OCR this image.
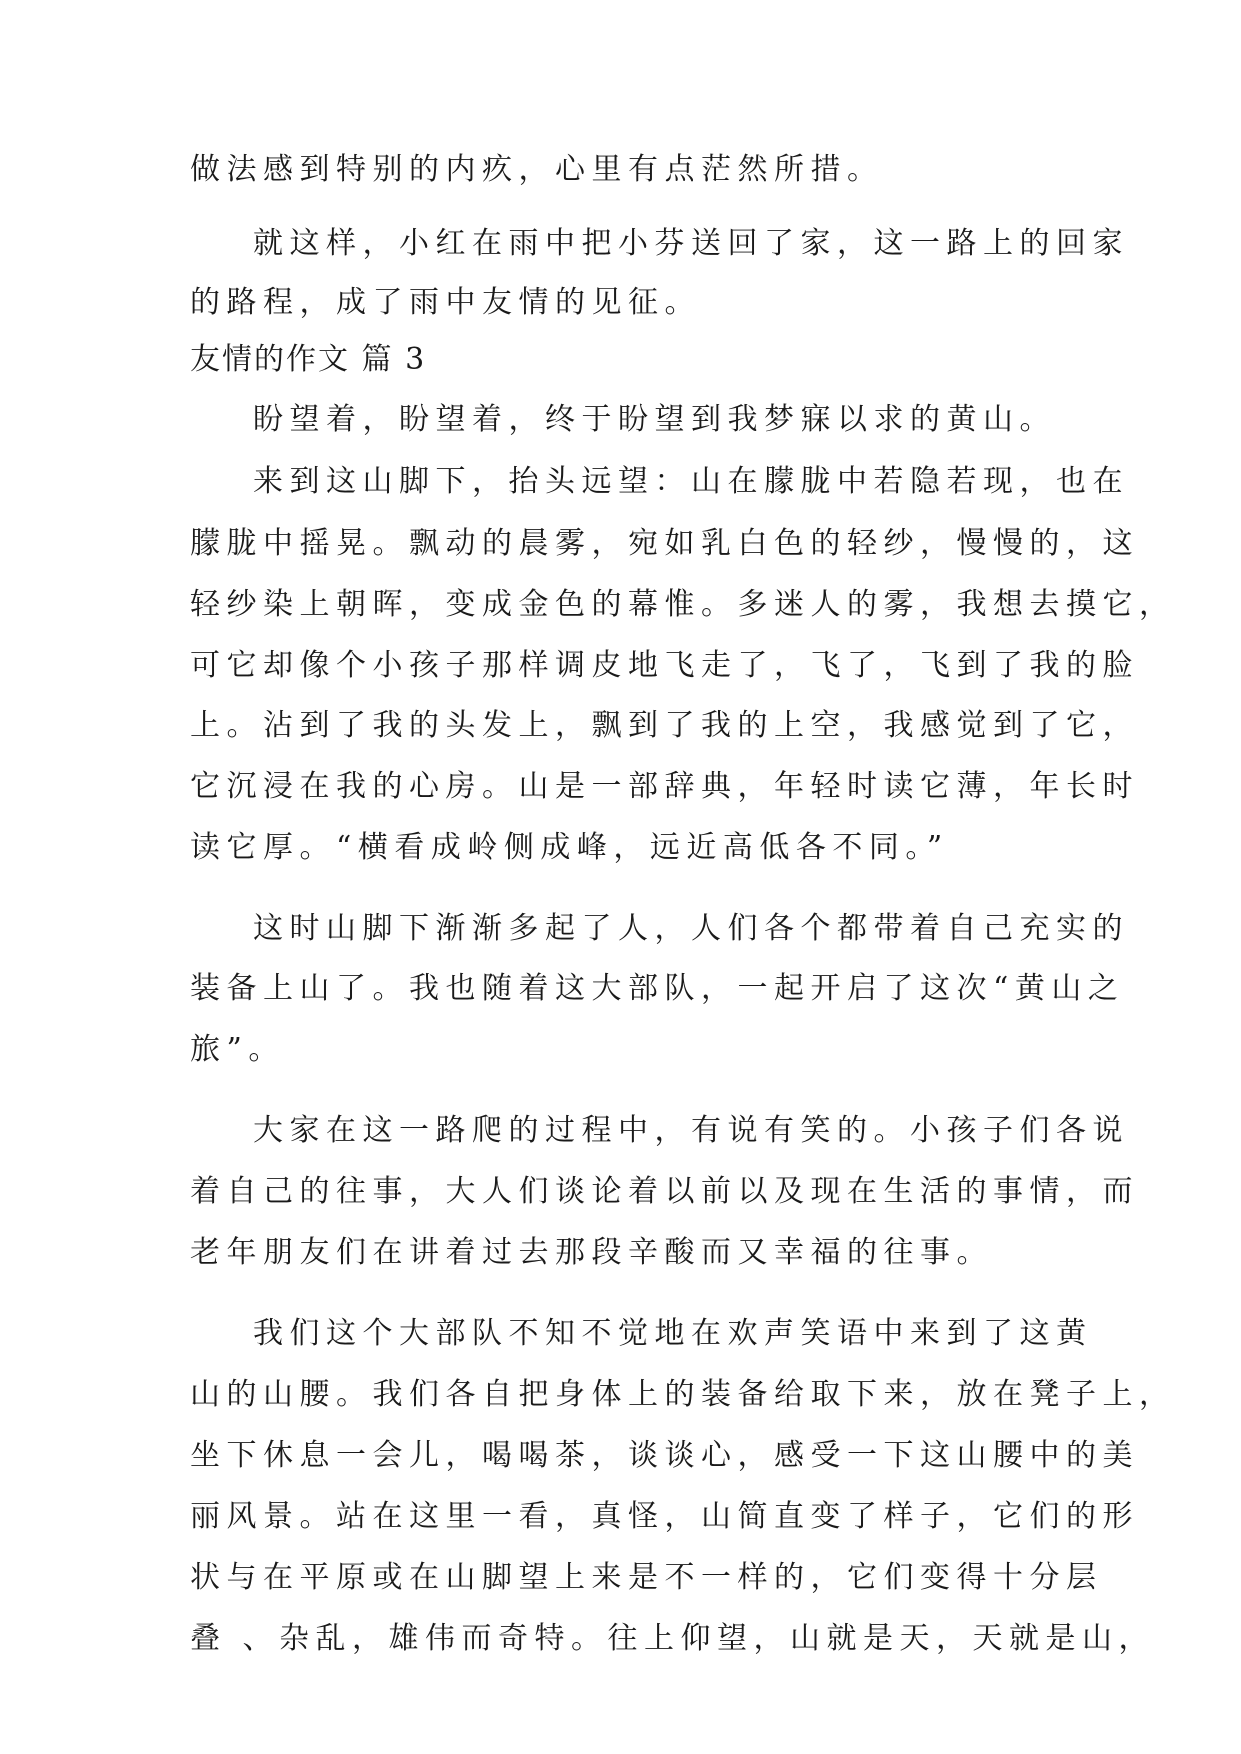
做法感到特别的内疚，心里有点茫然所措。
就这样，小红在雨中把小芬送回了家，这一路上的回家
的路程，成了雨中友情的见征。
友情的作文 篇 3
盼望着，盼望着，终于盼望到我梦寐以求的黄山。
来到这山脚下，抬头远望：山在朦胧中若隐若现，也在
朦胧中摇晃。飘动的晨雾，宛如乳白色的轻纱，慢慢的，这
轻纱染上朝晖，变成金色的幕惟。多迷人的雾，我想去摸它，
可它却像个小孩子那样调皮地飞走了，飞了，飞到了我的脸
上。沾到了我的头发上，飘到了我的上空，我感觉到了它，
它沉浸在我的心房。山是一部辞典，年轻时读它薄，年长时
读它厚。“横看成岭侧成峰，远近高低各不同。”
这时山脚下渐渐多起了人，人们各个都带着自己充实的
装备上山了。我也随着这大部队，一起开启了这次“黄山之
旅”。
大家在这一路爬的过程中，有说有笑的。小孩子们各说
着自己的往事，大人们谈论着以前以及现在生活的事情，而
老年朋友们在讲着过去那段辛酸而又幸福的往事。
我们这个大部队不知不觉地在欢声笑语中来到了这黄
山的山腰。我们各自把身体上的装备给取下来，放在凳子上，
坐下休息一会儿，喝喝茶，谈谈心，感受一下这山腰中的美
丽风景。站在这里一看，真怪，山简直变了样子，它们的形
状与在平原或在山脚望上来是不一样的，它们变得十分层
叠 、杂乱，雄伟而奇特。往上仰望，山就是天，天就是山，
